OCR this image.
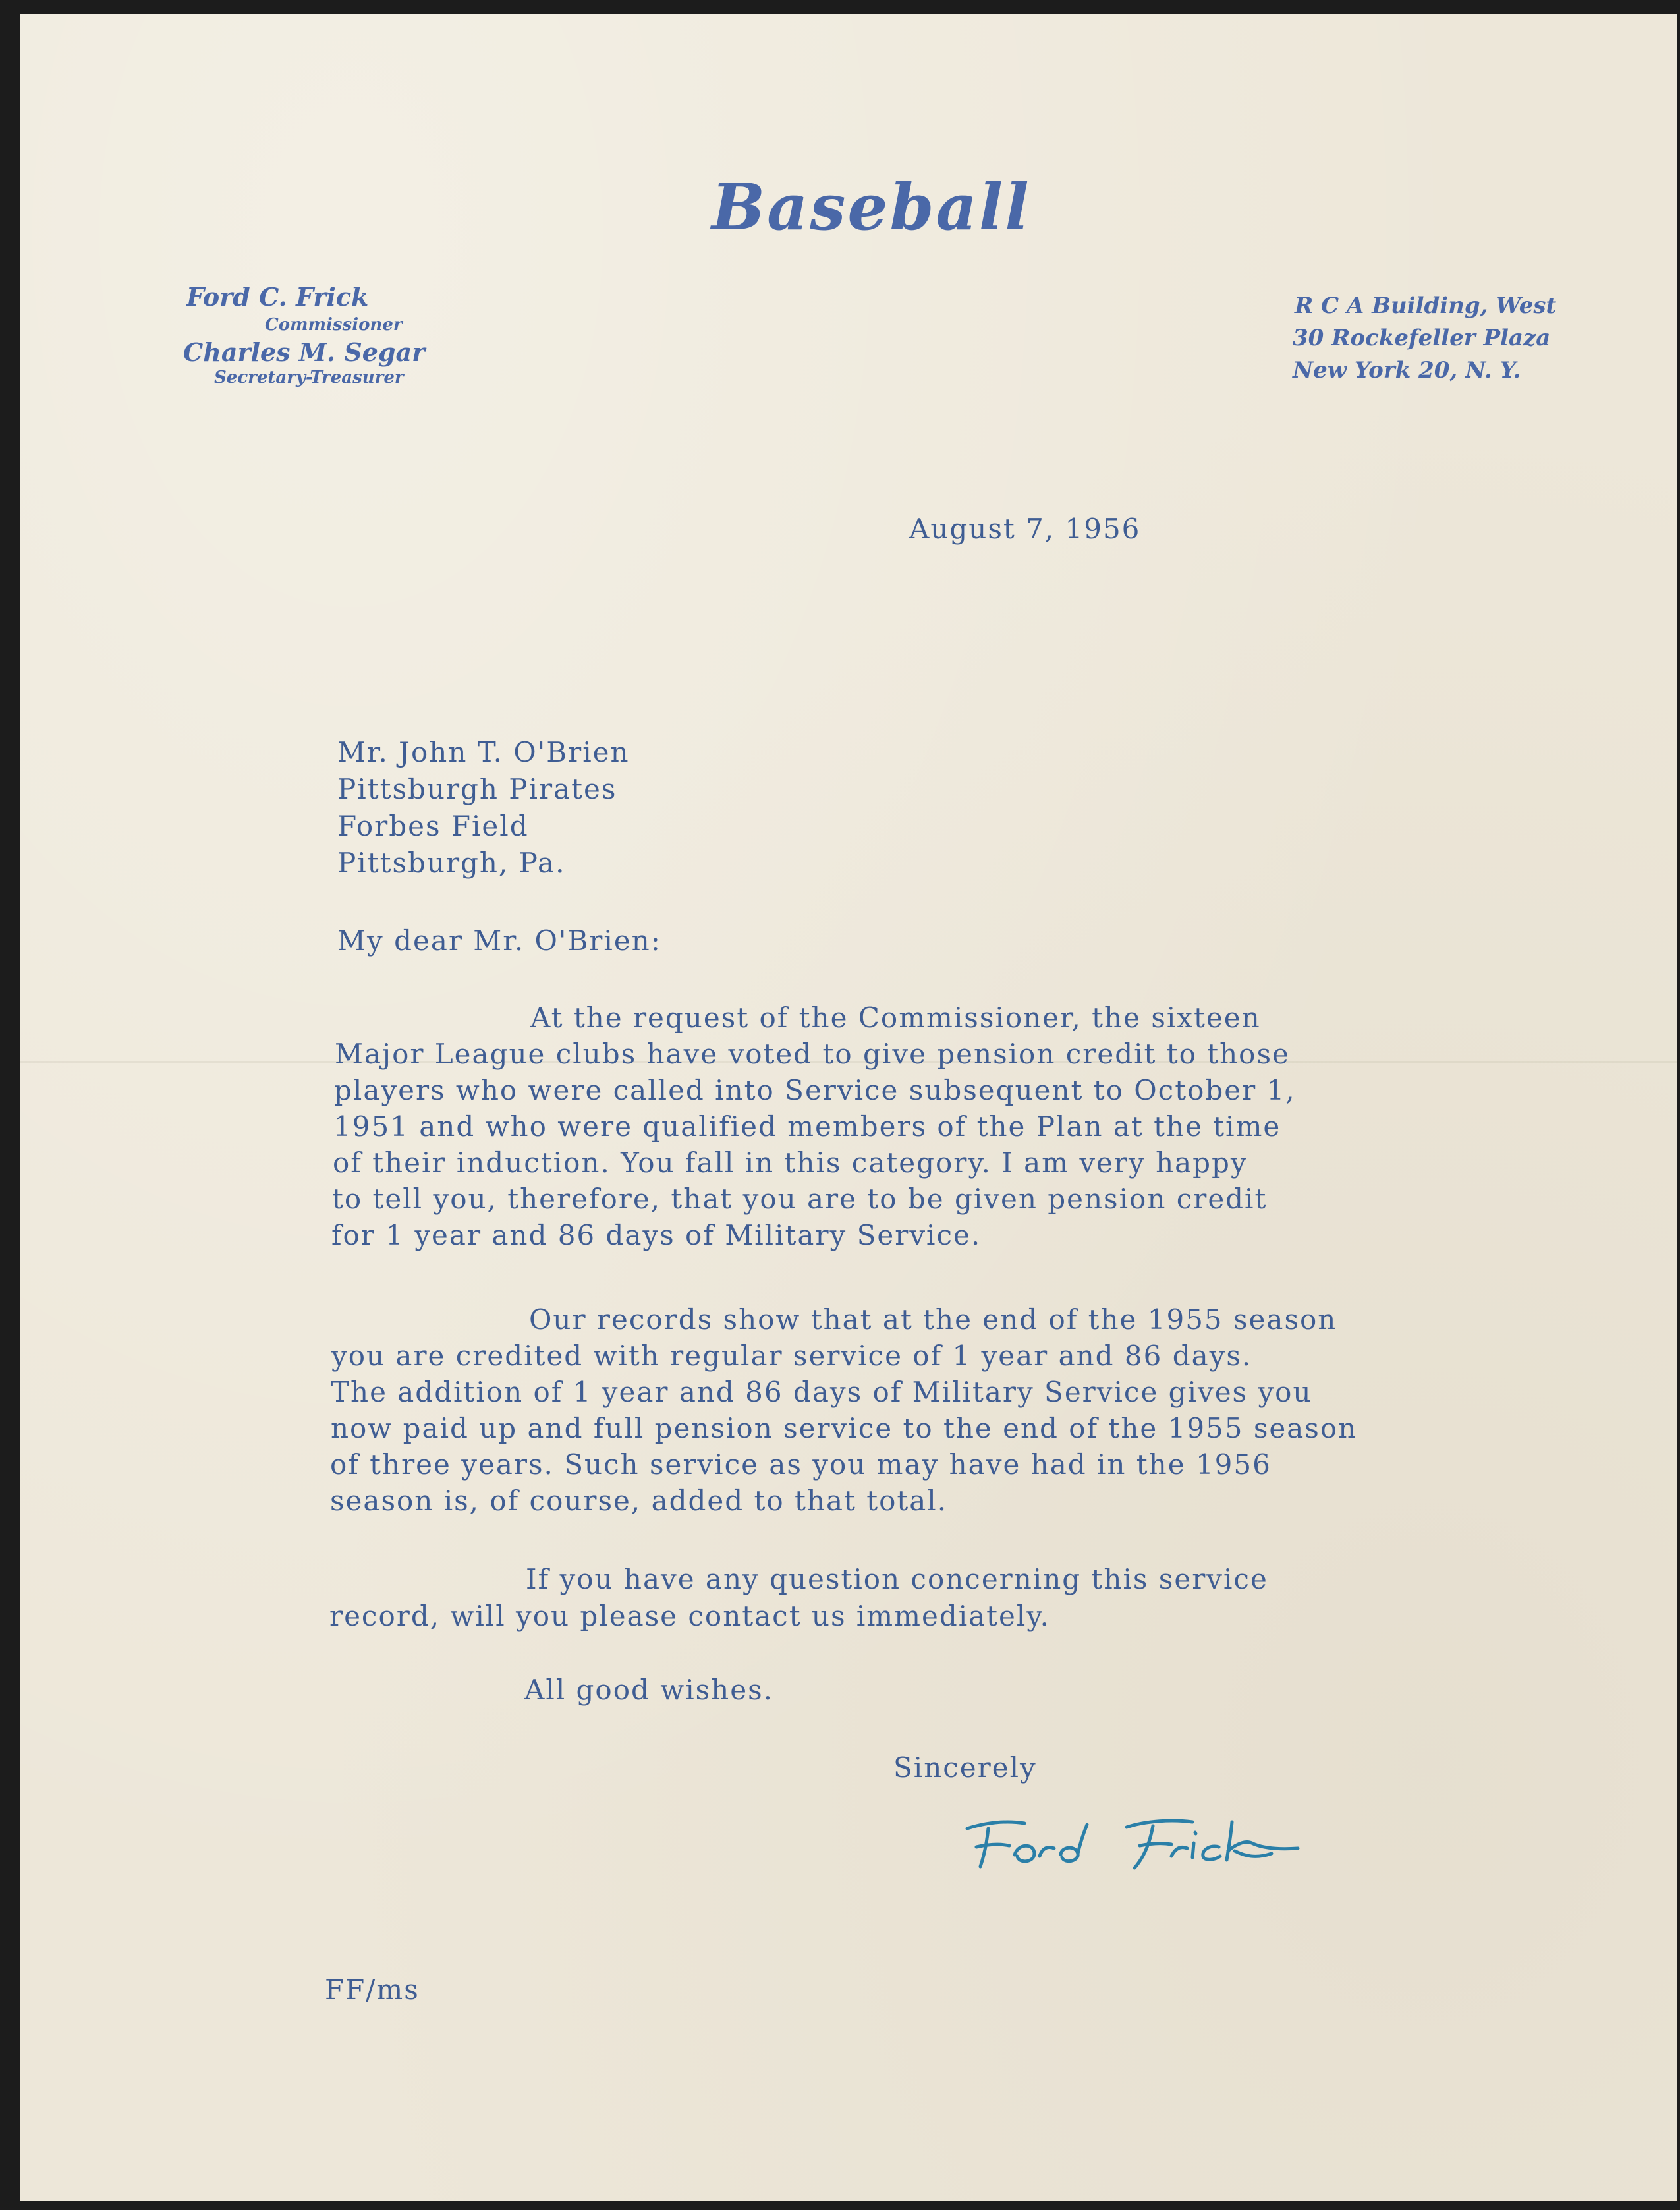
Baseball
Ford C. Frick
Commissioner
Charles M. Segar
Secretary-Treasurer
R C A Building, West
30 Rockefeller Plaza
New York 20, N. Y.

August 7, 1956

Mr. John T. O'Brien

Pittsburgh Pirates

Forbes Field

Pittsburgh, Pa.

My dear Mr. O'Brien:

At the request of the Commissioner, the sixteen

Major League clubs have voted to give pension credit to those

players who were called into Service subsequent to October 1,

1951 and who were qualified members of the Plan at the time

of their induction. You fall in this category. I am very happy

to tell you, therefore, that you are to be given pension credit

for 1 year and 86 days of Military Service.

Our records show that at the end of the 1955 season

you are credited with regular service of 1 year and 86 days.

The addition of 1 year and 86 days of Military Service gives you

now paid up and full pension service to the end of the 1955 season

of three years. Such service as you may have had in the 1956

season is, of course, added to that total.

If you have any question concerning this service

record, will you please contact us immediately.

All good wishes.

Sincerely

FF/ms
